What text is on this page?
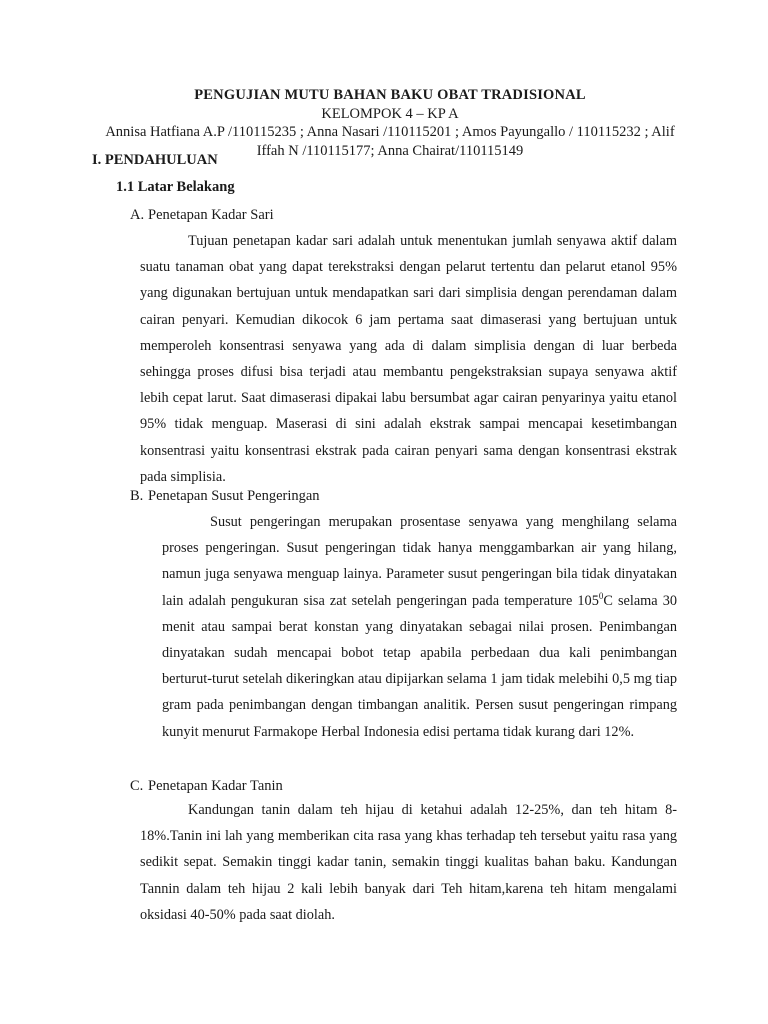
PENGUJIAN MUTU BAHAN BAKU OBAT TRADISIONAL
KELOMPOK 4 – KP A
Annisa Hatfiana A.P /110115235 ; Anna Nasari /110115201 ; Amos Payungallo / 110115232 ; Alif Iffah N /110115177; Anna Chairat/110115149
I. PENDAHULUAN
1.1 Latar Belakang
A. Penetapan Kadar Sari

Tujuan penetapan kadar sari adalah untuk menentukan jumlah senyawa aktif dalam suatu tanaman obat yang dapat terekstraksi dengan pelarut tertentu dan pelarut etanol 95% yang digunakan bertujuan untuk mendapatkan sari dari simplisia dengan perendaman dalam cairan penyari. Kemudian dikocok 6 jam pertama saat dimaserasi yang bertujuan untuk memperoleh konsentrasi senyawa yang ada di dalam simplisia dengan di luar berbeda sehingga proses difusi bisa terjadi atau membantu pengekstraksian supaya senyawa aktif lebih cepat larut. Saat dimaserasi dipakai labu bersumbat agar cairan penyarinya yaitu etanol 95% tidak menguap. Maserasi di sini adalah ekstrak sampai mencapai kesetimbangan konsentrasi yaitu konsentrasi ekstrak pada cairan penyari sama dengan konsentrasi ekstrak pada simplisia.

B. Penetapan Susut Pengeringan

Susut pengeringan merupakan prosentase senyawa yang menghilang selama proses pengeringan. Susut pengeringan tidak hanya menggambarkan air yang hilang, namun juga senyawa menguap lainya. Parameter susut pengeringan bila tidak dinyatakan lain adalah pengukuran sisa zat setelah pengeringan pada temperature $105^0C$ selama 30 menit atau sampai berat konstan yang dinyatakan sebagai nilai prosen. Penimbangan dinyatakan sudah mencapai bobot tetap apabila perbedaan dua kali penimbangan berturut-turut setelah dikeringkan atau dipijarkan selama 1 jam tidak melebihi 0,5 mg tiap gram pada penimbangan dengan timbangan analitik. Persen susut pengeringan rimpang kunyit menurut Farmakope Herbal Indonesia edisi pertama tidak kurang dari 12%.

C. Penetapan Kadar Tanin

Kandungan tanin dalam teh hijau di ketahui adalah 12-25%, dan teh hitam 8-18%.Tanin ini lah yang memberikan cita rasa yang khas terhadap teh tersebut yaitu rasa yang sedikit sepat. Semakin tinggi kadar tanin, semakin tinggi kualitas bahan baku. Kandungan Tannin dalam teh hijau 2 kali lebih banyak dari Teh hitam,karena teh hitam mengalami oksidasi 40-50% pada saat diolah.
